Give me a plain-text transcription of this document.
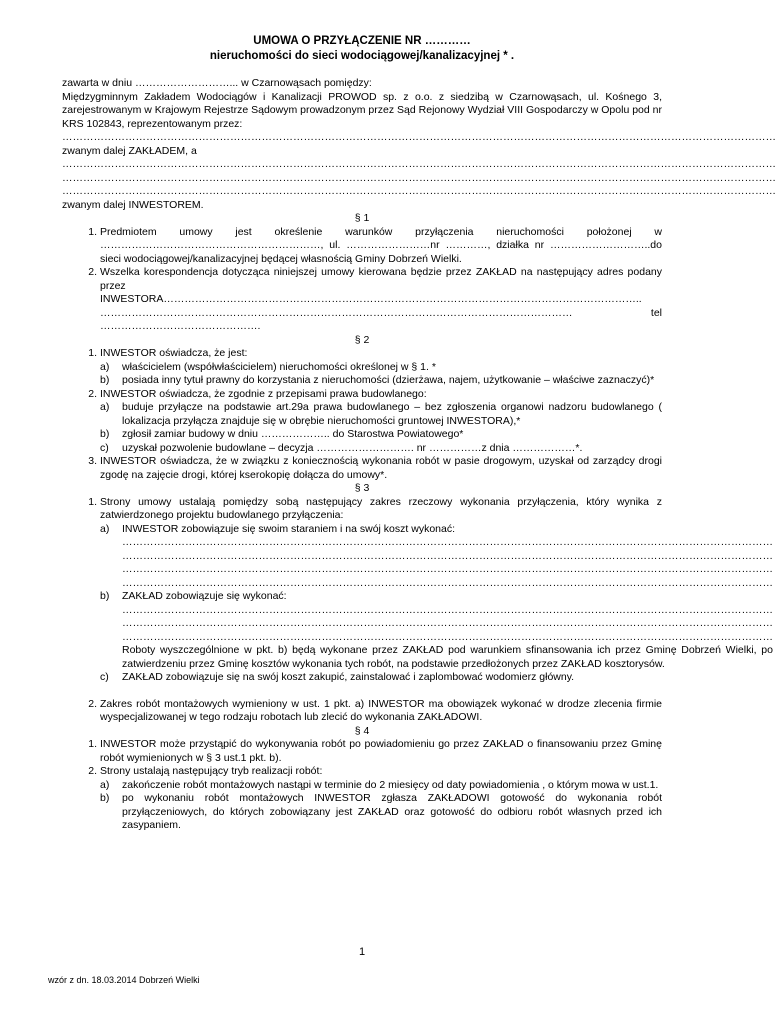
UMOWA O PRZYŁĄCZENIE NR …………
nieruchomości do sieci wodociągowej/kanalizacyjnej * .

zawarta w dniu ………………………... w Czarnowąsach pomiędzy:

Międzygminnym Zakładem Wodociągów i Kanalizacji PROWOD sp. z o.o. z siedzibą w Czarnowąsach, ul. Kośnego 3, zarejestrowanym w Krajowym Rejestrze Sądowym prowadzonym przez Sąd Rejonowy Wydział VIII Gospodarczy w Opolu pod nr KRS 102843, reprezentowanym przez:

……………………………………………………………………………………………………………………………………………………………………………………

zwanym dalej ZAKŁADEM, a

……………………………………………………………………………………………………………………………………………………………………………………

……………………………………………………………………………………………………………………………………………………………………………………

……………………………………………………………………………………………………………………………………………………………………………………

zwanym dalej INWESTOREM.

§ 1

1. Predmiotem umowy jest określenie warunków przyłączenia nieruchomości położonej w ………………………………………………………, ul. ……………………nr …………, działka nr ………………………..do sieci wodociągowej/kanalizacyjnej będącej własnością Gminy Dobrzeń Wielki.
2. Wszelka korespondencja dotycząca niniejszej umowy kierowana będzie przez ZAKŁAD na następujący adres podany przez INWESTORA……………………………………………………………………………………………………………………….. ……………………………………………………………………………………………………………………… tel ……………………………………….

§ 2

1. INWESTOR oświadcza, że jest:
a)	właścicielem (współwłaścicielem) nieruchomości określonej w § 1. *
b)	posiada inny tytuł prawny do korzystania z nieruchomości (dzierżawa, najem, użytkowanie – właściwe zaznaczyć)*
2. INWESTOR oświadcza, że zgodnie z przepisami prawa budowlanego:
a)	buduje przyłącze na podstawie art.29a prawa budowlanego – bez zgłoszenia organowi nadzoru budowlanego ( lokalizacja przyłącza znajduje się w obrębie nieruchomości gruntowej INWESTORA),*
b)	zgłosił zamiar budowy w dniu ……………….. do Starostwa Powiatowego*
c)	uzyskał pozwolenie budowlane – decyzja ………………………. nr ……………z dnia ………………*.
3. INWESTOR oświadcza, że w związku z koniecznością wykonania robót w pasie drogowym, uzyskał od zarządcy drogi zgodę na zajęcie drogi, której kserokopię dołącza do umowy*.

§ 3

1. Strony umowy ustalają pomiędzy sobą następujący zakres rzeczowy wykonania przyłączenia, który wynika z zatwierdzonego projektu budowlanego przyłączenia:
a)	INWESTOR zobowiązuje się swoim staraniem i na swój koszt wykonać:

……………………………………………………………………………………………………………………………………………………………………

……………………………………………………………………………………………………………………………………………………………………

……………………………………………………………………………………………………………………………………………………………………

……………………………………………………………………………………………………………………………………………………………………

b)	ZAKŁAD zobowiązuje się wykonać:

……………………………………………………………………………………………………………………………………………………………………

……………………………………………………………………………………………………………………………………………………………………

……………………………………………………………………………………………………………………………………………………………………

Roboty wyszczególnione w pkt. b) będą wykonane przez ZAKŁAD pod warunkiem sfinansowania ich przez Gminę Dobrzeń Wielki, po zatwierdzeniu przez Gminę kosztów wykonania tych robót, na podstawie przedłożonych przez ZAKŁAD kosztorysów.

c)	ZAKŁAD zobowiązuje się na swój koszt zakupić, zainstalować i zaplombować wodomierz główny.
2. Zakres robót montażowych wymieniony w ust. 1 pkt. a) INWESTOR ma obowiązek wykonać w drodze zlecenia firmie wyspecjalizowanej w tego rodzaju robotach lub zlecić do wykonania ZAKŁADOWI.

§ 4

1. INWESTOR może przystąpić do wykonywania robót po powiadomieniu go przez ZAKŁAD o finansowaniu przez Gminę robót wymienionych w § 3 ust.1 pkt. b).
2. Strony ustalają następujący tryb realizacji robót:
a)	zakończenie robót montażowych nastąpi w terminie do 2 miesięcy od daty powiadomienia , o którym mowa w ust.1.
b)	po wykonaniu robót montażowych INWESTOR zgłasza ZAKŁADOWI gotowość do wykonania robót przyłączeniowych, do których zobowiązany jest ZAKŁAD oraz gotowość do odbioru robót własnych przed ich zasypaniem.
1
wzór z dn. 18.03.2014 Dobrzeń Wielki
